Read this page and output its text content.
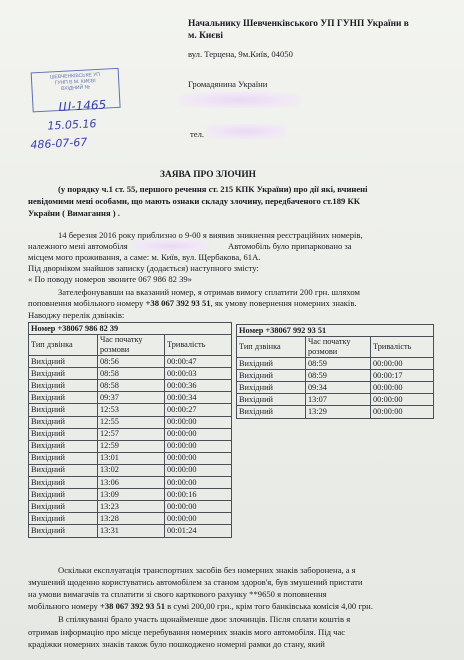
Начальнику Шевченківського УП ГУНП України в
м. Києві
вул. Терцена, 9м.Київ, 04050
Громадянина України
тел.
ШЕВЧЕНКІВСЬКЕ УП
ГУНП В М. КИЄВІ
ВХІДНИЙ №
Ш-1465
15.05.16
486-07-67
ЗАЯВА ПРО ЗЛОЧИН
(у порядку ч.1 ст. 55, першого речення ст. 215 КПК України) про дії які, вчинені
невідомими мені особами, що мають ознаки складу злочину, передбаченого ст.189 КК
України ( Вимагання ) .
14 березня 2016 року приблизно о 9-00 я виявив зникнення реєстраційних номерів,
належного мені автомобіля	Автомобіль було припарковано за
місцем мого проживання, а саме: м. Київ, вул. Щербакова, 61А.
Під дворніком знайшов записку (додається) наступного змісту:
« По поводу номеров звоните 067 986 82 39»
Зателефонувавши на вказаний номер, я отримав вимогу сплатити 200 грн. шляхом
поповнення мобільного номеру +38 067 392 93 51, як умову повернення номерних знаків.
Наводжу перелік дзвінків:
Номер +38067 986 82 39		
Тип дзвінка	Час початку розмови	Тривалість
Вихідний	08:56	00:00:47
Вихідний	08:58	00:00:03
Вихідний	08:58	00:00:36
Вихідний	09:37	00:00:34
Вихідний	12:53	00:00:27
Вихідний	12:55	00:00:00
Вихідний	12:57	00:00:00
Вихідний	12:59	00:00:00
Вихідний	13:01	00:00:00
Вихідний	13:02	00:00:00
Вихідний	13:06	00:00:00
Вихідний	13:09	00:00:16
Вихідний	13:23	00:00:00
Вихідний	13:28	00:00:00
Вихідний	13:31	00:01:24
Номер +38067 992 93 51		
Тип дзвінка	Час початку розмови	Тривалість
Вихідний	08:59	00:00:00
Вихідний	08:59	00:00:17
Вихідний	09:34	00:00:00
Вихідний	13:07	00:00:00
Вихідний	13:29	00:00:00
Оскільки експлуатація транспортних засобів без номерних знаків заборонена, а я
змушений щоденно користуватись автомобілем за станом здоров'я, був змушений пристати
на умови вимагачів та сплатити зі свого карткового рахунку **9650 я поповнення
мобільного номеру +38 067 392 93 51 в сумі 200,00 грн., крім того банківська комісія 4,00 грн.
В спілкуванні брало участь щонайменше двоє злочинців. Після сплати коштів я
отримав інформацію про місце перебування номерних знаків мого автомобіля. Під час
крадіжки номерних знаків також було пошкоджено номерні рамки до стану, який
